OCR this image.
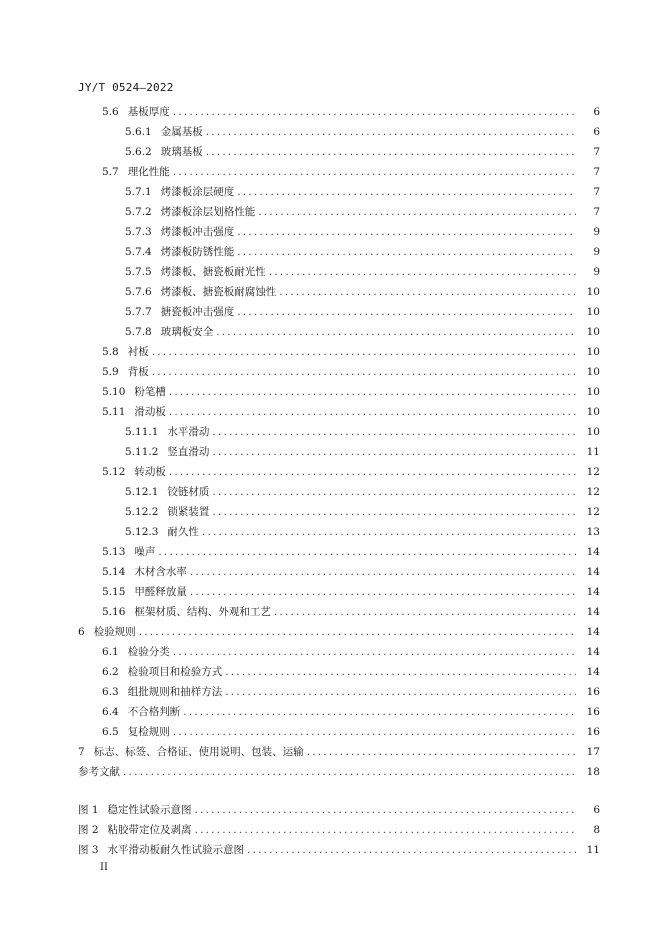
JY/T 0524—2022
5.6 基板厚度 .....	6
5.6.1 金属基板 .....	6
5.6.2 玻璃基板 .....	7
5.7 理化性能 .....	7
5.7.1 烤漆板涂层硬度 .....	7
5.7.2 烤漆板涂层划格性能 .....	7
5.7.3 烤漆板冲击强度 .....	9
5.7.4 烤漆板防锈性能 .....	9
5.7.5 烤漆板、搪瓷板耐光性 .....	9
5.7.6 烤漆板、搪瓷板耐腐蚀性 .....	10
5.7.7 搪瓷板冲击强度 .....	10
5.7.8 玻璃板安全 .....	10
5.8 衬板 .....	10
5.9 背板 .....	10
5.10 粉笔槽 .....	10
5.11 滑动板 .....	10
5.11.1 水平滑动 .....	10
5.11.2 竖直滑动 .....	11
5.12 转动板 .....	12
5.12.1 铰链材质 .....	12
5.12.2 锁紧装置 .....	12
5.12.3 耐久性 .....	13
5.13 噪声 .....	14
5.14 木材含水率 .....	14
5.15 甲醛释放量 .....	14
5.16 框架材质、结构、外观和工艺 .....	14
6 检验规则 .....	14
6.1 检验分类 .....	14
6.2 检验项目和检验方式 .....	14
6.3 组批规则和抽样方法 .....	16
6.4 不合格判断 .....	16
6.5 复检规则 .....	16
7 标志、标签、合格证、使用说明、包装、运输 .....	17
参考文献 .....	18
图 1 稳定性试验示意图 .....	6
图 2 粘胶带定位及剥离 .....	8
图 3 水平滑动板耐久性试验示意图 .....	11
II
